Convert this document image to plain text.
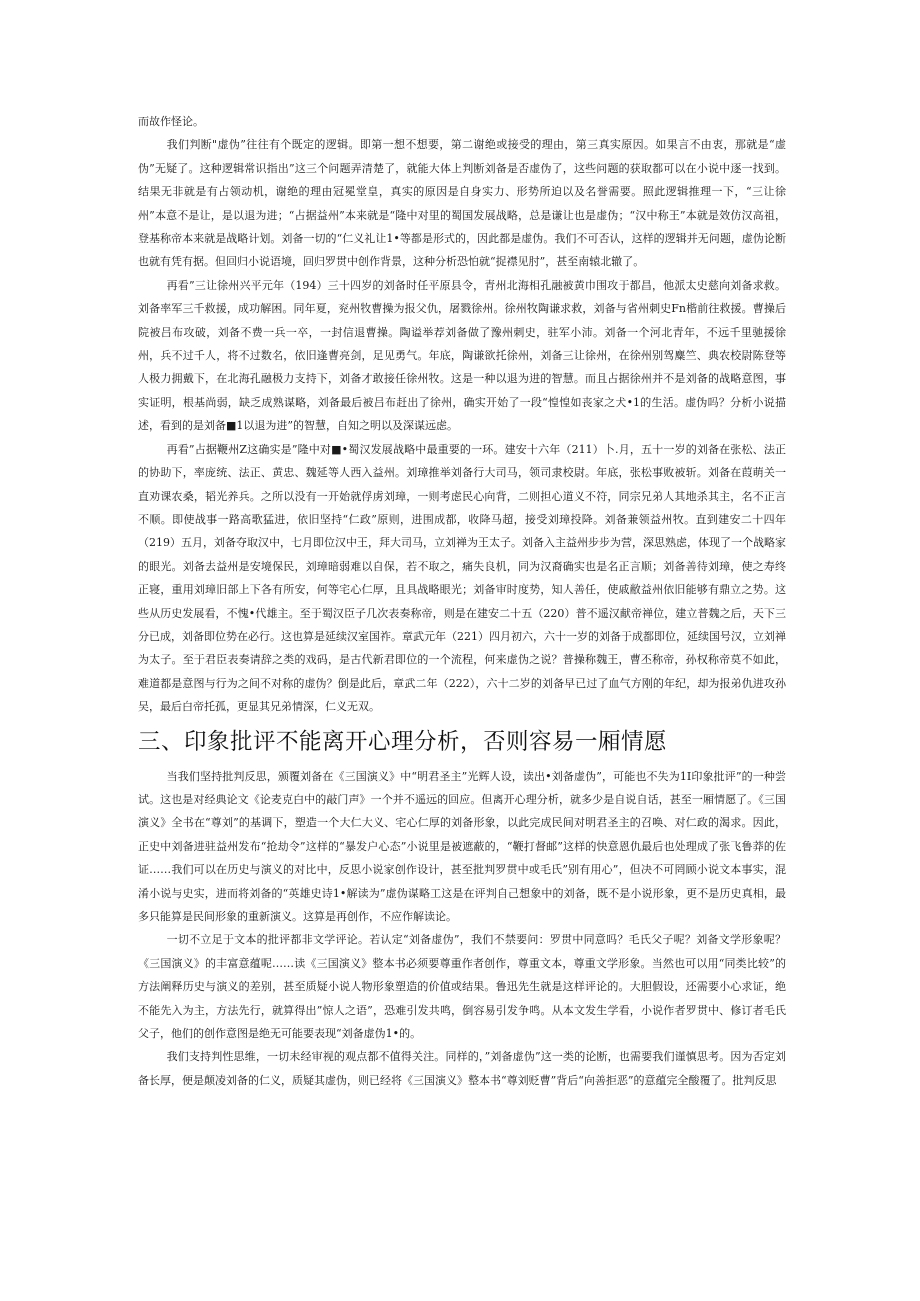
而故作怪论。

我们判断"虚伪”往往有个既定的逻辑。即第一想不想要，第二谢绝或接受的理由，第三真实原因。如果言不由衷，那就是“虚伪”无疑了。这种逻辑常识指出”这三个问题弄清楚了，就能大体上判断刘备是否虚伪了，这些问题的获取都可以在小说中逐一找到。结果无非就是有占领动机，谢绝的理由冠冕堂皇，真实的原因是自身实力、形势所迫以及名誉需要。照此逻辑推理一下，“三让徐州”本意不是让，是以退为进；“占据益州”本来就是“隆中对里的蜀国发展战略，总是谦让也是虚伪；“汉中称王”本就是效仿汉高祖，登基称帝本来就是战略计划。刘备一切的“仁义礼让1•等都是形式的，因此都是虚伪。我们不可否认，这样的逻辑并无问题，虚伪论断也就有凭有据。但回归小说语境，回归罗贯中创作背景，这种分析恐怕就“捉襟见肘”，甚至南辕北辙了。

再看”三让徐州兴平元年（194）三十四岁的刘备时任平原县令，青州北海相孔融被黄巾围攻于都昌，他派太史慈向刘备求救。刘备率军三千救援，成功解困。同年夏，兖州牧曹操为报父仇，屠戮徐州。徐州牧陶谦求救，刘备与省州刺史Fn楷前往救援。曹操后院被吕布攻破，刘备不费一兵一卒，一封信退曹操。陶谥举荐刘备做了豫州刺史，驻军小沛。刘备一个河北青年，不远千里驰援徐州，兵不过千人，将不过数名，依旧逢曹亮剑，足见勇气。年底，陶谦欲托徐州，刘备三让徐州，在徐州别驾麋竺、典农校尉陈登等人极力拥戴下，在北海孔融极力支持下，刘备才敢接任徐州牧。这是一种以退为进的智慧。而且占据徐州并不是刘备的战略意图，事实证明，根基尚弱，缺乏成熟谋略，刘备最后被吕布赶出了徐州，确实开始了一段“惶惶如丧家之犬•1的生活。虚伪吗？分析小说描述，看到的是刘备■1以退为进”的智慧，自知之明以及深谋远虑。

再看”占据鞭州Z这确实是”隆中对■•蜀汉发展战略中最重要的一环。建安十六年（211）卜.月，五十一岁的刘备在张松、法正的协助下，率庞统、法正、黄忠、魏延等人西入益州。刘璋推举刘备行大司马，领司隶校尉。年底，张松事败被斩。刘备在葭萌关一直劝课农桑，韬光养兵。之所以没有一开始就俘虏刘璋，一则考虑民心向背，二则担心道义不符，同宗兄弟人其地杀其主，名不正言不顺。即使战事一路高歌猛进，依旧坚持“仁政”原则，进围成都，收降马超，接受刘璋投降。刘备兼领益州牧。直到建安二十四年（219）五月，刘备夺取汉中，七月即位汉中王，拜大司马，立刘禅为王太子。刘备入主益州步步为营，深思熟虑，体现了一个战略家的眼光。刘备去益州是安境保民，刘璋暗弱难以自保，若不取之，痛失良机，同为汉裔确实也是名正言顺；刘备善待刘璋，使之寿终正寝，重用刘璋旧部上下各有所安，何等宅心仁厚，且具战略眼光；刘备审时度势，知人善任，使戚敝益州依旧能够有鼎立之势。这些从历史发展看，不愧•代雄主。至于蜀汉臣子几次表奏称帝，则是在建安二十五（220）普不遥汉献帝禅位，建立普魏之后，天下三分已成，刘备即位势在必行。这也算是延续汉室国祚。章武元年（221）四月初六，六十一岁的刘备于成都即位，延续国号汉，立刘禅为太子。至于君臣表奏请辞之类的戏码，是古代新君即位的一个流程，何来虚伪之说？普操称魏王，曹丕称帝，孙权称帝莫不如此，难道都是意图与行为之间不对称的虚伪？倒是此后，章武二年（222），六十二岁的刘备早已过了血气方刚的年纪，却为报弟仇进攻孙吴，最后白帝托孤，更显其兄弟情深，仁义无双。

三、印象批评不能离开心理分析，否则容易一厢情愿

当我们坚持批判反思，颁覆刘备在《三国演义》中“明君圣主”光辉人设，读出•刘备虚伪”，可能也不失为1I印象批评”的一种尝试。这也是对经典论文《论麦克白中的敲门声》一个并不遥远的回应。但离开心理分析，就多少是自说自话，甚至一厢情愿了。《三国演义》全书在“尊刘”的基调下，塑造一个大仁大义、宅心仁厚的刘备形象，以此完成民间对明君圣主的召唤、对仁政的渴求。因此，正史中刘备进驻益州发布“抢劫令”这样的“暴发户心态”小说里是被遮蔽的，“鞭打督邮”这样的快意恩仇最后也处理成了张飞鲁莽的佐证……我们可以在历史与演义的对比中，反思小说家创作设计，甚至批判罗贯中或毛氏”别有用心”，但决不可罔顾小说文本事实，混淆小说与史实，进而将刘备的“英雄史诗1•解读为”虚伪谋略工这是在评判自己想象中的刘备，既不是小说形象，更不是历史真相，最多只能算是民间形象的重新演义。这算是再创作，不应作解读论。

一切不立足于文本的批评都非文学评论。若认定“刘备虚伪”，我们不禁要问：罗贯中同意吗？毛氏父子呢？刘备文学形象呢？《三国演义》的丰富意蕴呢……读《三国演义》整本书必须要尊重作者创作，尊重文本，尊重文学形象。当然也可以用“同类比较”的方法阐释历史与演义的差别，甚至质疑小说人物形象塑造的价值或结果。鲁迅先生就是这样评论的。大胆假设，还需要小心求证，绝不能先入为主，方法先行，就算得出”惊人之语”，恐难引发共鸣，倒容易引发争鸣。从本文发生学看，小说作者罗贯中、修订者毛氏父子，他们的创作意图是绝无可能要表现“刘备虚伪1•的。

我们支持判性思维，一切未经审视的观点都不值得关注。同样的，”刘备虚伪”这一类的论断，也需要我们谨慎思考。因为否定刘备长厚，便是颠凌刘备的仁义，质疑其虚伪，则已经将《三国演义》整本书“尊刘贬曹”背后“向善拒恶”的意蕴完全酸覆了。批判反思
